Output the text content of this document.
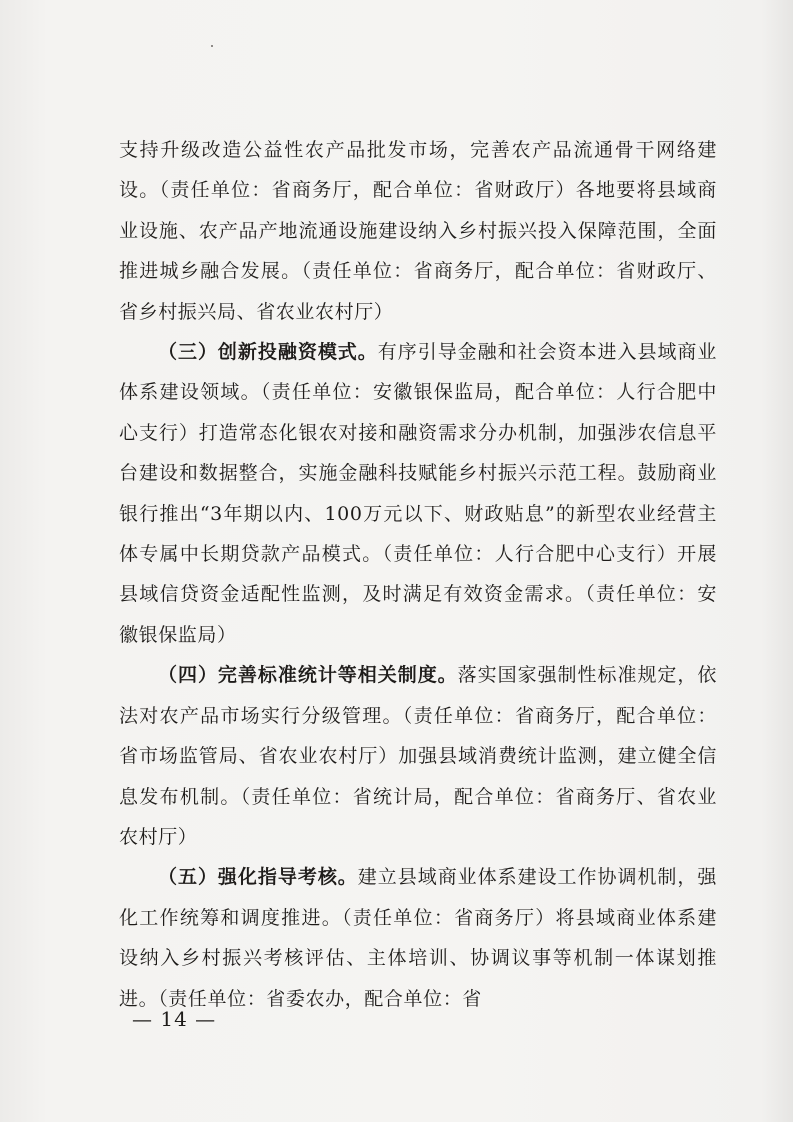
支持升级改造公益性农产品批发市场，完善农产品流通骨干网络建设。（责任单位：省商务厅，配合单位：省财政厅）各地要将县域商业设施、农产品产地流通设施建设纳入乡村振兴投入保障范围，全面推进城乡融合发展。（责任单位：省商务厅，配合单位：省财政厅、省乡村振兴局、省农业农村厅）

（三）创新投融资模式。有序引导金融和社会资本进入县域商业体系建设领域。（责任单位：安徽银保监局，配合单位：人行合肥中心支行）打造常态化银农对接和融资需求分办机制，加强涉农信息平台建设和数据整合，实施金融科技赋能乡村振兴示范工程。鼓励商业银行推出“3年期以内、100万元以下、财政贴息”的新型农业经营主体专属中长期贷款产品模式。（责任单位：人行合肥中心支行）开展县域信贷资金适配性监测，及时满足有效资金需求。（责任单位：安徽银保监局）

（四）完善标准统计等相关制度。落实国家强制性标准规定，依法对农产品市场实行分级管理。（责任单位：省商务厅，配合单位：省市场监管局、省农业农村厅）加强县域消费统计监测，建立健全信息发布机制。（责任单位：省统计局，配合单位：省商务厅、省农业农村厅）

（五）强化指导考核。建立县域商业体系建设工作协调机制，强化工作统筹和调度推进。（责任单位：省商务厅）将县域商业体系建设纳入乡村振兴考核评估、主体培训、协调议事等机制一体谋划推进。（责任单位：省委农办，配合单位：省

— 14 —
